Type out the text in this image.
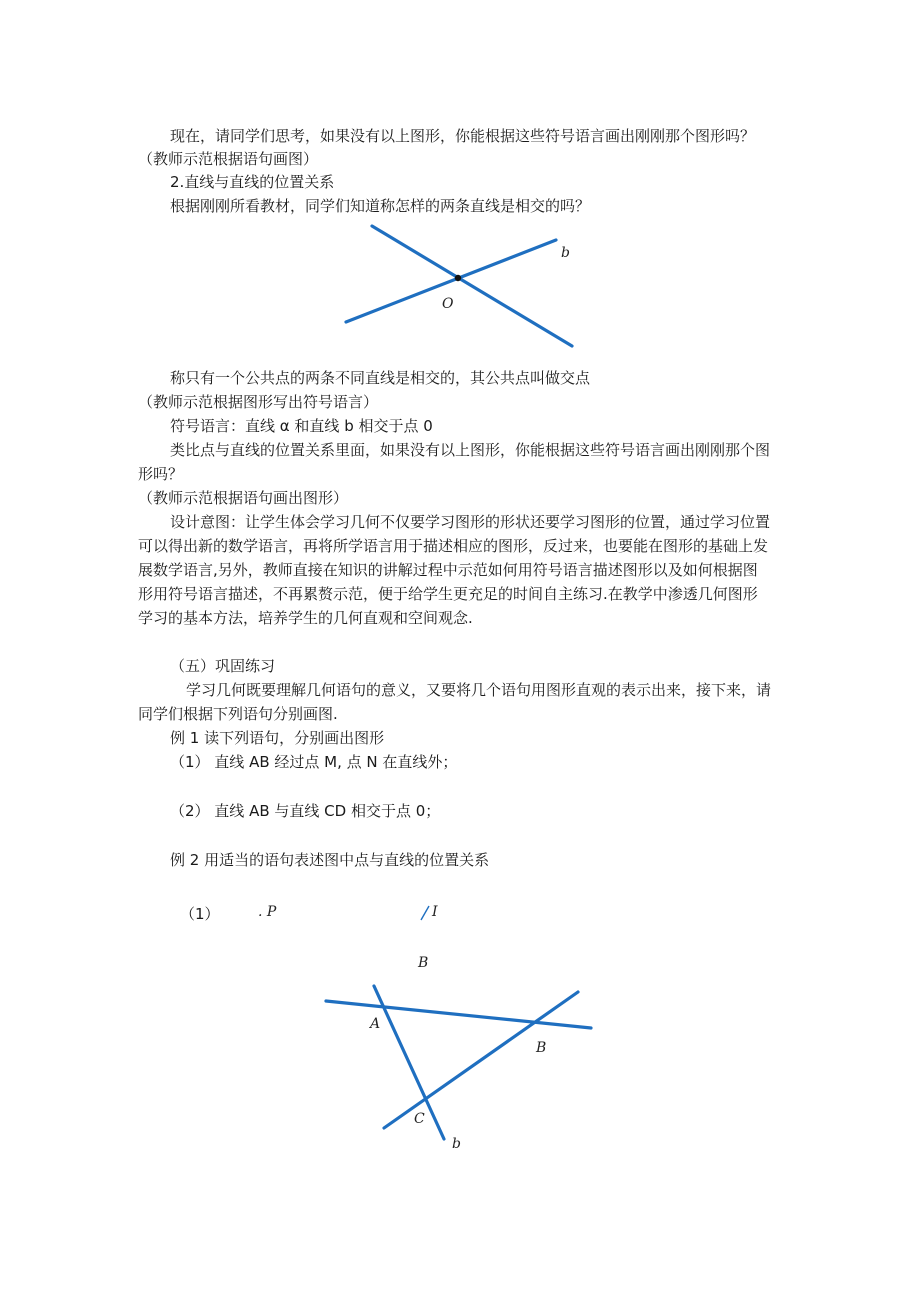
现在，请同学们思考，如果没有以上图形，你能根据这些符号语言画出刚刚那个图形吗？
（教师示范根据语句画图）
2.直线与直线的位置关系
根据刚刚所看教材，同学们知道称怎样的两条直线是相交的吗？
b
O
称只有一个公共点的两条不同直线是相交的，其公共点叫做交点
（教师示范根据图形写出符号语言）
符号语言：直线 α 和直线 b 相交于点 0
类比点与直线的位置关系里面，如果没有以上图形，你能根据这些符号语言画出刚刚那个图
形吗？
（教师示范根据语句画出图形）
设计意图：让学生体会学习几何不仅要学习图形的形状还要学习图形的位置，通过学习位置
可以得出新的数学语言，再将所学语言用于描述相应的图形，反过来，也要能在图形的基础上发
展数学语言,另外，教师直接在知识的讲解过程中示范如何用符号语言描述图形以及如何根据图
形用符号语言描述，不再累赘示范，便于给学生更充足的时间自主练习.在教学中渗透几何图形
学习的基本方法，培养学生的几何直观和空间观念.
（五）巩固练习
学习几何既要理解几何语句的意义，又要将几个语句用图形直观的表示出来，接下来，请
同学们根据下列语句分别画图.
例 1 读下列语句，分别画出图形
（1） 直线 AB 经过点 M, 点 N 在直线外；
（2） 直线 AB 与直线 CD 相交于点 0；
例 2 用适当的语句表述图中点与直线的位置关系
（1）	. P	I
B
A
B
C
b
